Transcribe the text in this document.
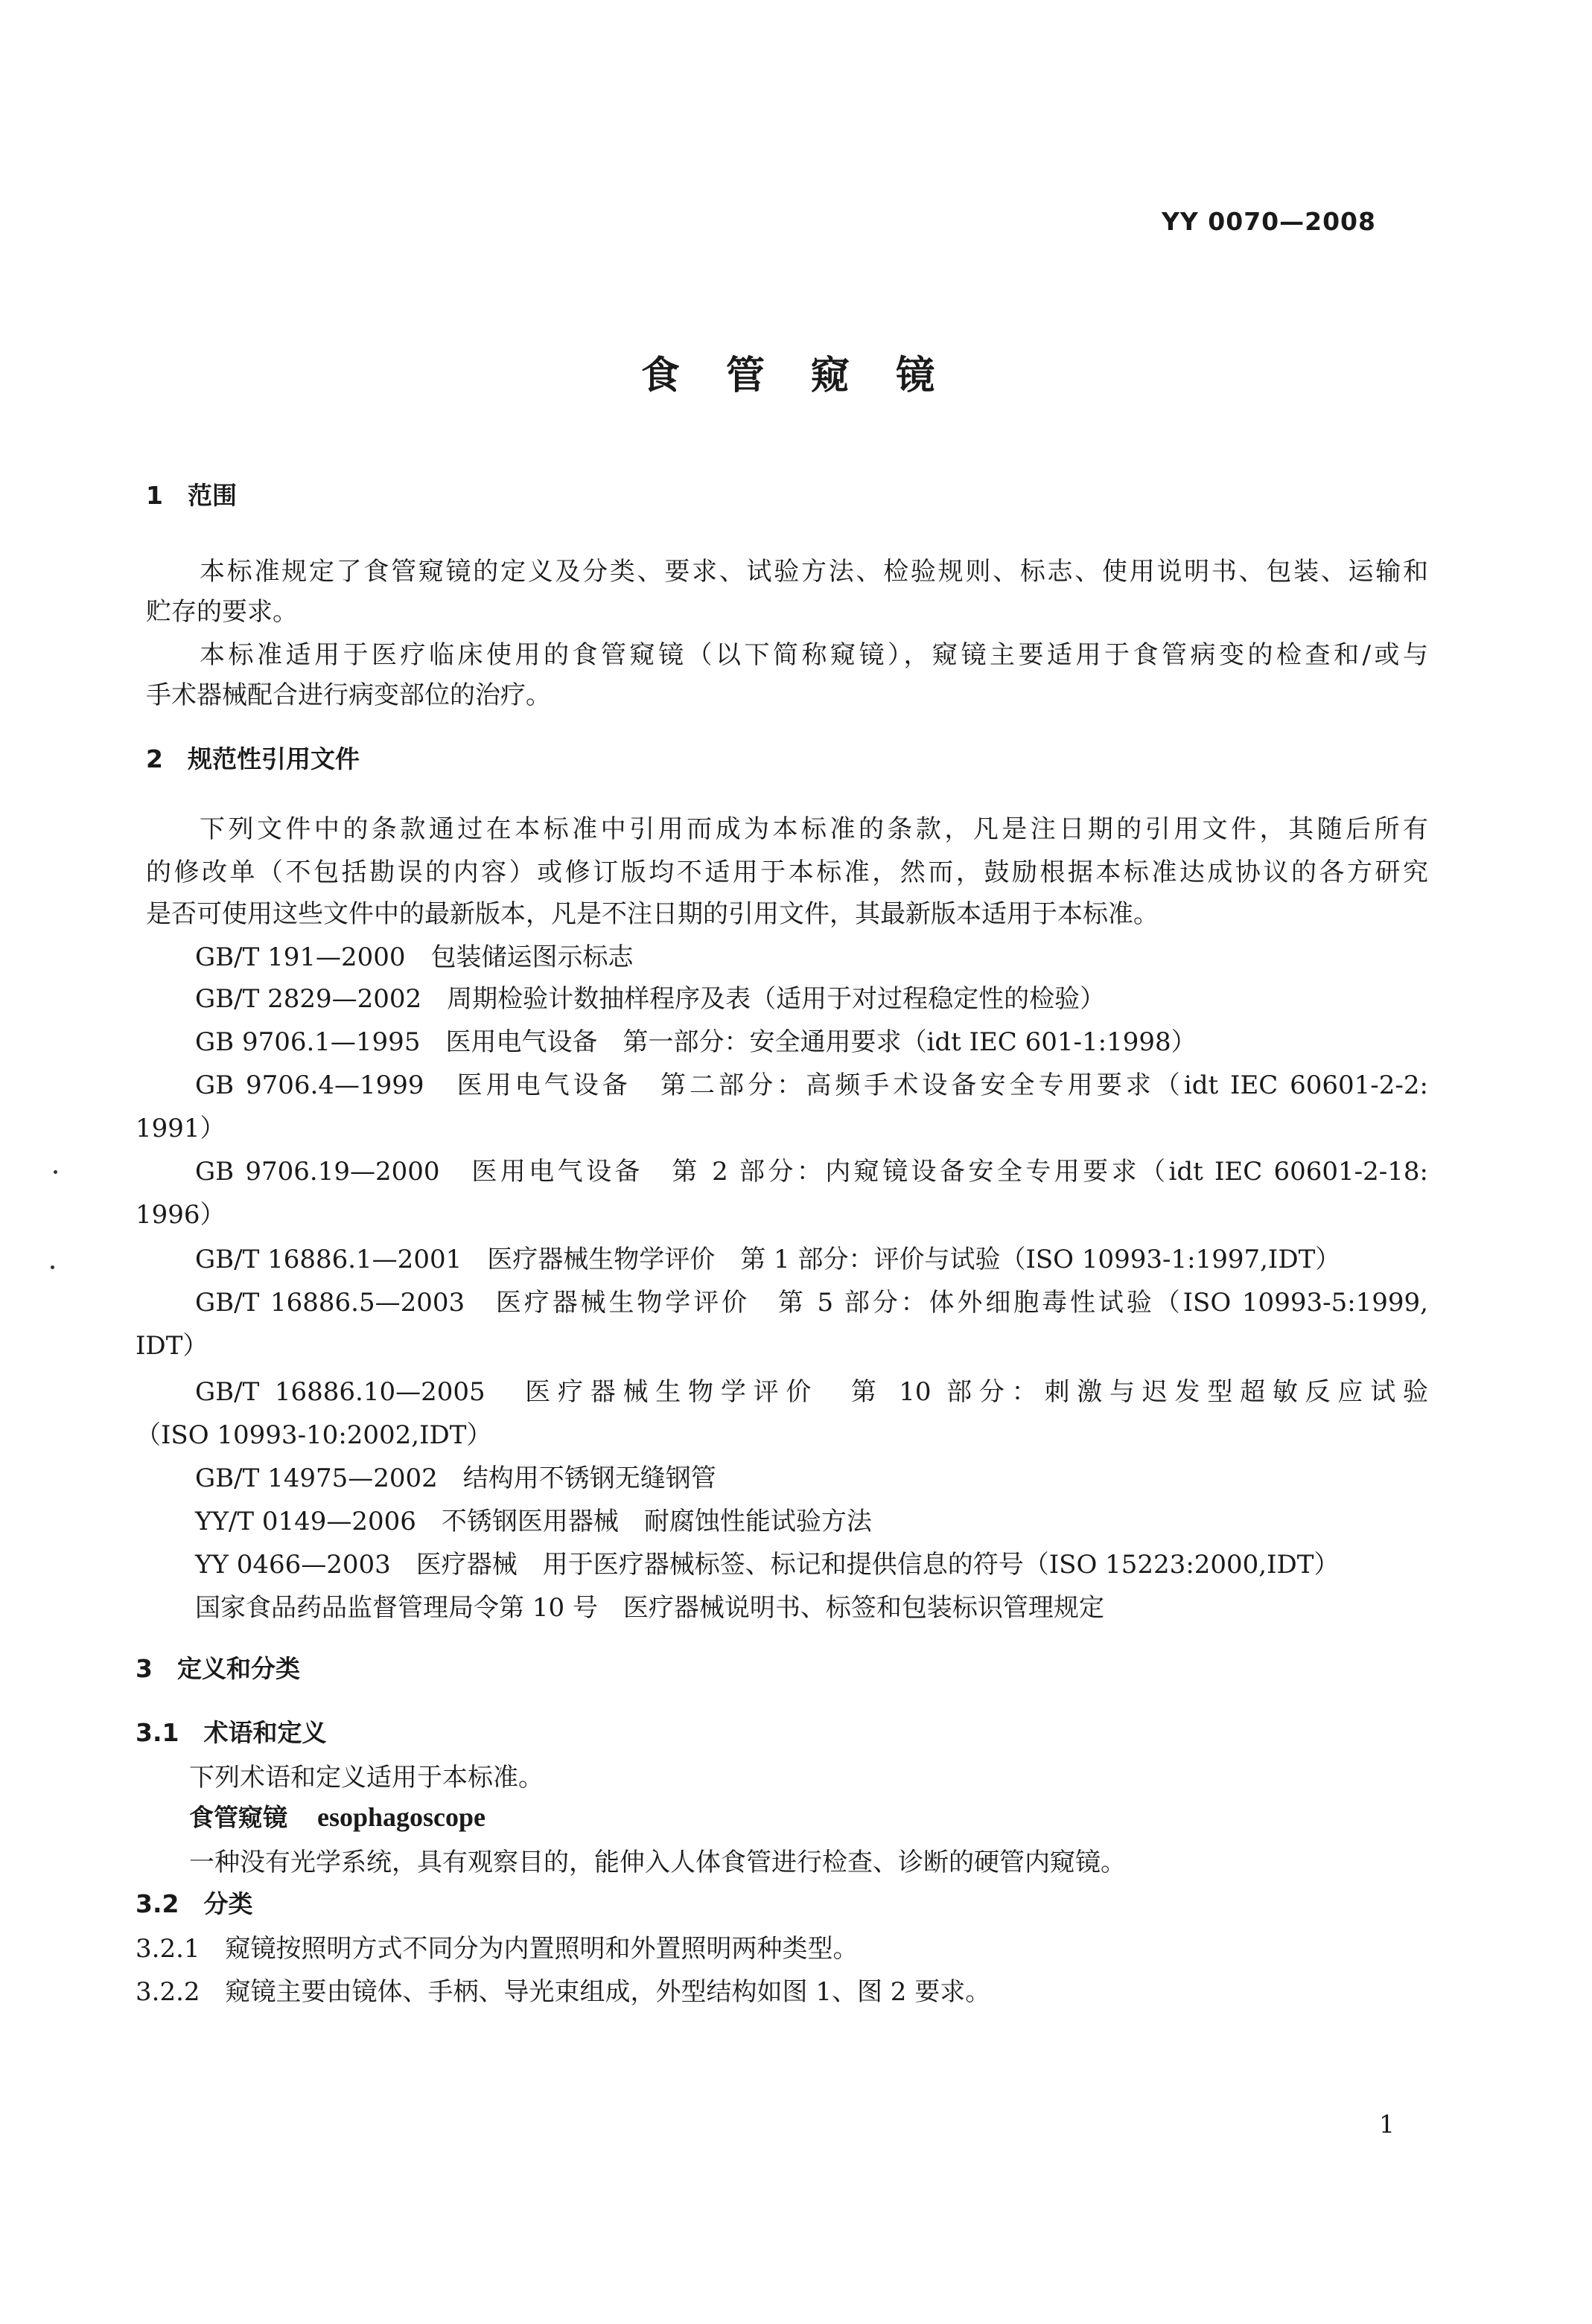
YY 0070—2008
食 管 窥 镜
1　范围
本标准规定了食管窥镜的定义及分类、要求、试验方法、检验规则、标志、使用说明书、包装、运输和
贮存的要求。
本标准适用于医疗临床使用的食管窥镜（以下简称窥镜），窥镜主要适用于食管病变的检查和/或与
手术器械配合进行病变部位的治疗。
2　规范性引用文件
下列文件中的条款通过在本标准中引用而成为本标准的条款，凡是注日期的引用文件，其随后所有
的修改单（不包括勘误的内容）或修订版均不适用于本标准，然而，鼓励根据本标准达成协议的各方研究
是否可使用这些文件中的最新版本，凡是不注日期的引用文件，其最新版本适用于本标准。
GB/T 191—2000　包装储运图示标志
GB/T 2829—2002　周期检验计数抽样程序及表（适用于对过程稳定性的检验）
GB 9706.1—1995　医用电气设备　第一部分：安全通用要求（idt IEC 601-1:1998）
GB 9706.4—1999　医用电气设备　第二部分：高频手术设备安全专用要求（idt IEC 60601-2-2:
1991）
GB 9706.19—2000　医用电气设备　第 2 部分：内窥镜设备安全专用要求（idt IEC 60601-2-18:
1996）
GB/T 16886.1—2001　医疗器械生物学评价　第 1 部分：评价与试验（ISO 10993-1:1997,IDT）
GB/T 16886.5—2003　医疗器械生物学评价　第 5 部分：体外细胞毒性试验（ISO 10993-5:1999,
IDT）
GB/T 16886.10—2005　医疗器械生物学评价　第 10 部分：刺激与迟发型超敏反应试验
（ISO 10993-10:2002,IDT）
GB/T 14975—2002　结构用不锈钢无缝钢管
YY/T 0149—2006　不锈钢医用器械　耐腐蚀性能试验方法
YY 0466—2003　医疗器械　用于医疗器械标签、标记和提供信息的符号（ISO 15223:2000,IDT）
国家食品药品监督管理局令第 10 号　医疗器械说明书、标签和包装标识管理规定
3　定义和分类
3.1　术语和定义
下列术语和定义适用于本标准。
食管窥镜 esophagoscope
一种没有光学系统，具有观察目的，能伸入人体食管进行检查、诊断的硬管内窥镜。
3.2　分类
3.2.1　窥镜按照明方式不同分为内置照明和外置照明两种类型。
3.2.2　窥镜主要由镜体、手柄、导光束组成，外型结构如图 1、图 2 要求。
1
